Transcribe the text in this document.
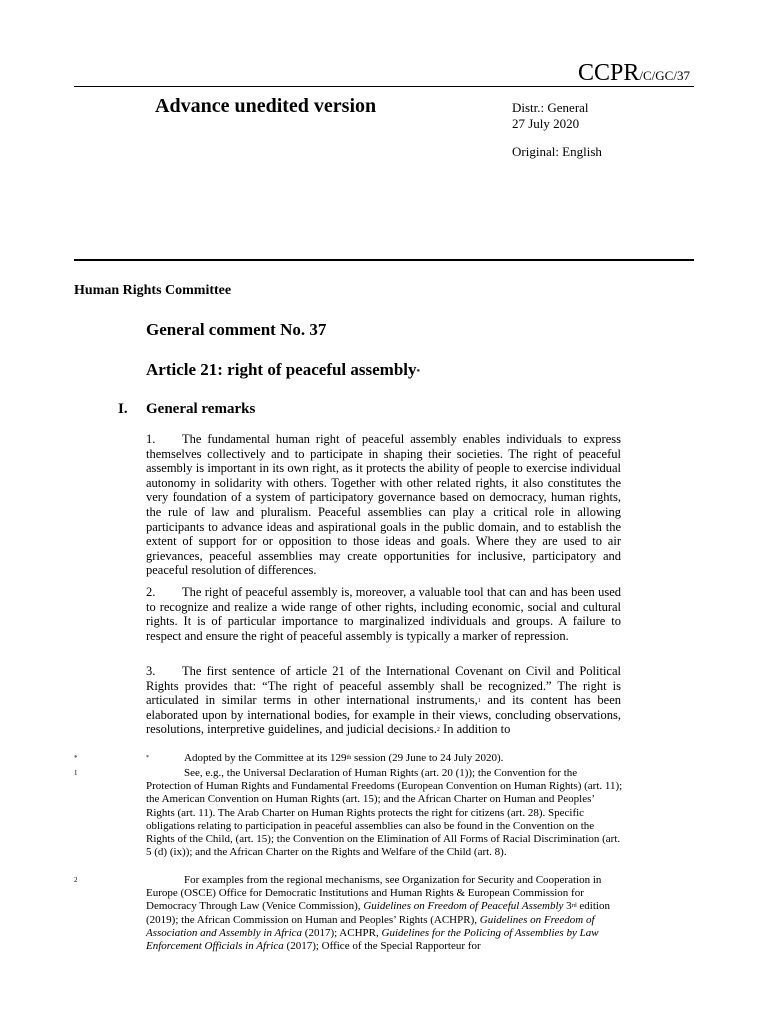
CCPR/C/GC/37
Advance unedited version	Distr.: General
27 July 2020
Original: English
Human Rights Committee
General comment No. 37
Article 21: right of peaceful assembly*
I. General remarks
1. The fundamental human right of peaceful assembly enables individuals to express themselves collectively and to participate in shaping their societies. The right of peaceful assembly is important in its own right, as it protects the ability of people to exercise individual autonomy in solidarity with others. Together with other related rights, it also constitutes the very foundation of a system of participatory governance based on democracy, human rights, the rule of law and pluralism. Peaceful assemblies can play a critical role in allowing participants to advance ideas and aspirational goals in the public domain, and to establish the extent of support for or opposition to those ideas and goals. Where they are used to air grievances, peaceful assemblies may create opportunities for inclusive, participatory and peaceful resolution of differences.
2. The right of peaceful assembly is, moreover, a valuable tool that can and has been used to recognize and realize a wide range of other rights, including economic, social and cultural rights. It is of particular importance to marginalized individuals and groups. A failure to respect and ensure the right of peaceful assembly is typically a marker of repression.
3. The first sentence of article 21 of the International Covenant on Civil and Political Rights provides that: “The right of peaceful assembly shall be recognized.” The right is articulated in similar terms in other international instruments,$^1$ and its content has been elaborated upon by international bodies, for example in their views, concluding observations, resolutions, interpretive guidelines, and judicial decisions.$^2$ In addition to
*
1
2
*	Adopted by the Committee at its 129th session (29 June to 24 July 2020).
See, e.g., the Universal Declaration of Human Rights (art. 20 (1)); the Convention for the Protection of Human Rights and Fundamental Freedoms (European Convention on Human Rights) (art. 11); the American Convention on Human Rights (art. 15); and the African Charter on Human and Peoples’ Rights (art. 11). The Arab Charter on Human Rights protects the right for citizens (art. 28). Specific obligations relating to participation in peaceful assemblies can also be found in the Convention on the Rights of the Child, (art. 15); the Convention on the Elimination of All Forms of Racial Discrimination (art. 5 (d) (ix)); and the African Charter on the Rights and Welfare of the Child (art. 8).
For examples from the regional mechanisms, see Organization for Security and Cooperation in Europe (OSCE) Office for Democratic Institutions and Human Rights & European Commission for Democracy Through Law (Venice Commission), Guidelines on Freedom of Peaceful Assembly 3rd edition (2019); the African Commission on Human and Peoples’ Rights (ACHPR), Guidelines on Freedom of Association and Assembly in Africa (2017); ACHPR, Guidelines for the Policing of Assemblies by Law Enforcement Officials in Africa (2017); Office of the Special Rapporteur for
